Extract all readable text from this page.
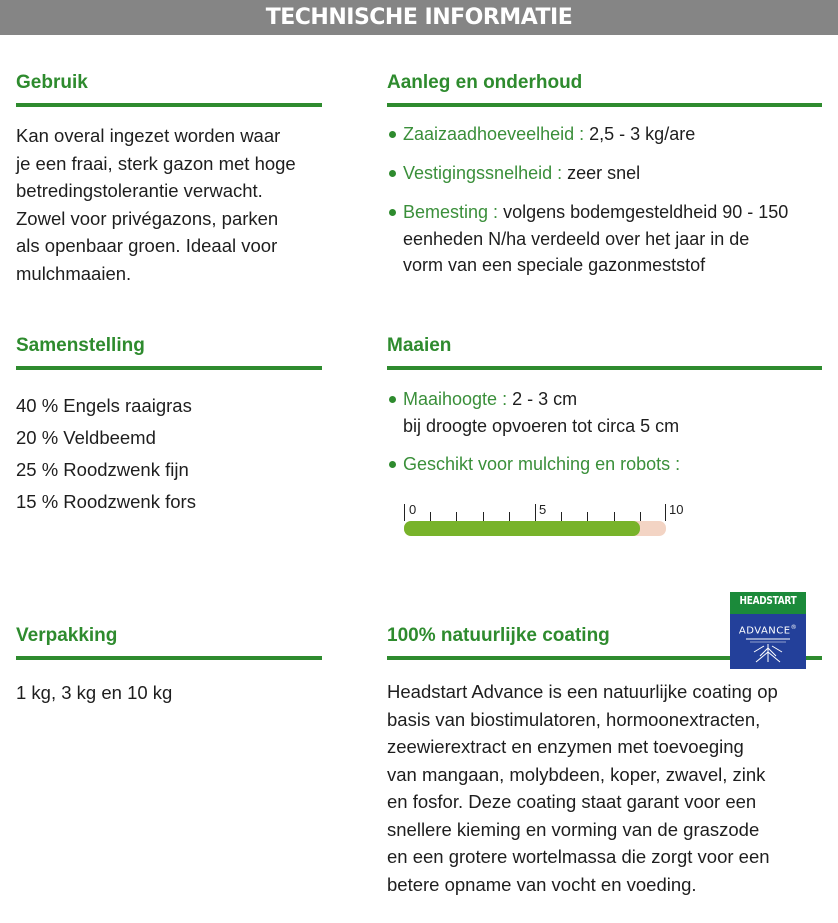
TECHNISCHE INFORMATIE
Gebruik
Kan overal ingezet worden waar
je een fraai, sterk gazon met hoge
betredingstolerantie verwacht.
Zowel voor privégazons, parken
als openbaar groen. Ideaal voor
mulchmaaien.
Aanleg en onderhoud
Zaaizaadhoeveelheid : 2,5 - 3 kg/are
Vestigingssnelheid : zeer snel
Bemesting : volgens bodemgesteldheid 90 - 150
eenheden N/ha verdeeld over het jaar in de
vorm van een speciale gazonmeststof
Samenstelling
40 % Engels raaigras
20 % Veldbeemd
25 % Roodzwenk fijn
15 % Roodzwenk fors
Maaien
Maaihoogte : 2 - 3 cm
bij droogte opvoeren tot circa 5 cm
Geschikt voor mulching en robots :
0	5	10
Verpakking
1 kg, 3 kg en 10 kg
100% natuurlijke coating
Headstart Advance is een natuurlijke coating op
basis van biostimulatoren, hormoonextracten,
zeewierextract en enzymen met toevoeging
van mangaan, molybdeen, koper, zwavel, zink
en fosfor. Deze coating staat garant voor een
snellere kieming en vorming van de graszode
en een grotere wortelmassa die zorgt voor een
betere opname van vocht en voeding.
HEADSTART
ADVANCE®
